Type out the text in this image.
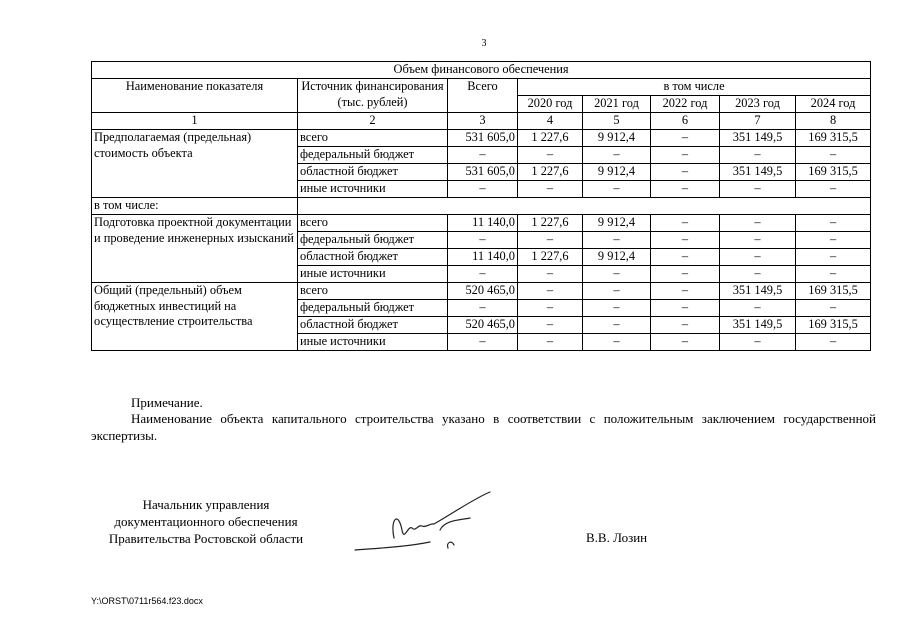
3
Объем финансового обеспечения							
Наименование показателя	Источник финансирования (тыс. рублей)	Всего	в том числе				
			2020 год	2021 год	2022 год	2023 год	2024 год

1	2	3	4	5	6	7	8
Предполагаемая (предельная) стоимость объекта	всего	531 605,0	1 227,6	9 912,4	–	351 149,5	169 315,5
	федеральный бюджет	–	–	–	–	–	–
	областной бюджет	531 605,0	1 227,6	9 912,4	–	351 149,5	169 315,5
	иные источники	–	–	–	–	–	–
в том числе:							
Подготовка проектной документации и проведение инженерных изысканий	всего	11 140,0	1 227,6	9 912,4	–	–	–
	федеральный бюджет	–	–	–	–	–	–
	областной бюджет	11 140,0	1 227,6	9 912,4	–	–	–
	иные источники	–	–	–	–	–	–
Общий (предельный) объем бюджетных инвестиций на осуществление строительства	всего	520 465,0	–	–	–	351 149,5	169 315,5
	федеральный бюджет	–	–	–	–	–	–
	областной бюджет	520 465,0	–	–	–	351 149,5	169 315,5
	иные источники	–	–	–	–	–	–
Примечание.
Наименование объекта капитального строительства указано в соответствии с положительным заключением государственной экспертизы.
Начальник управления документационного обеспечения Правительства Ростовской области	В.В. Лозин
Y:\ORST\0711r564.f23.docx
